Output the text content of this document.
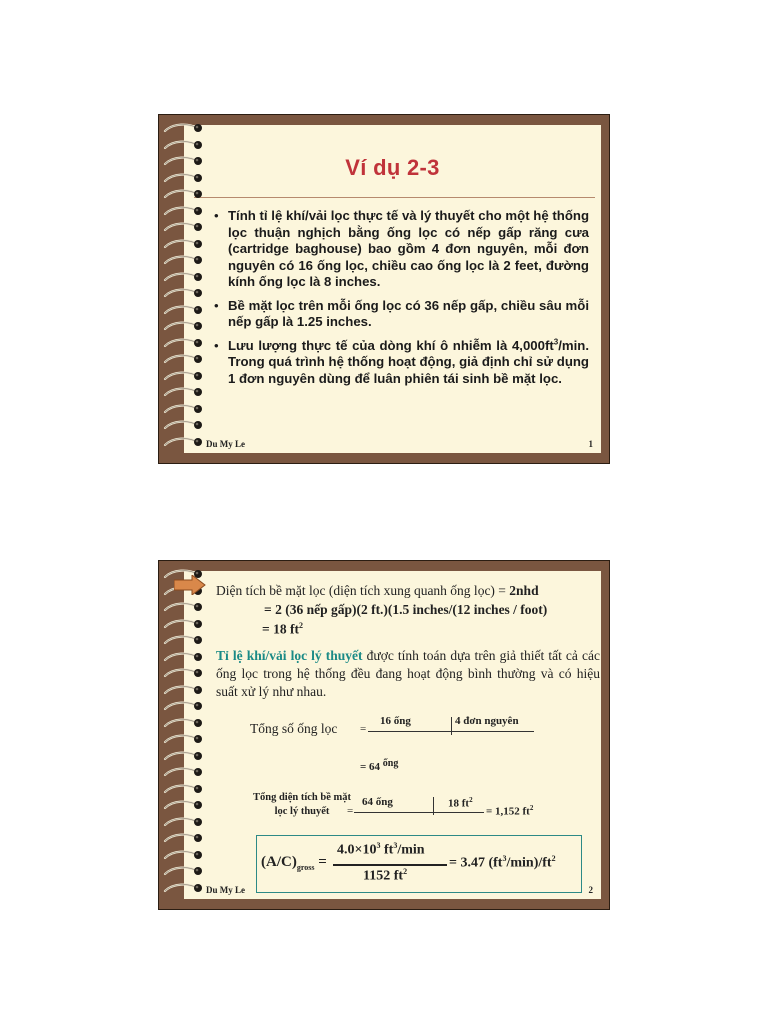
Ví dụ 2-3
• Tính tỉ lệ khí/vải lọc thực tế và lý thuyết cho một hệ thống lọc thuận nghịch bằng ống lọc có nếp gấp răng cưa (cartridge baghouse) bao gồm 4 đơn nguyên, mỗi đơn nguyên có 16 ống lọc, chiều cao ống lọc là 2 feet, đường kính ống lọc là 8 inches.
• Bề mặt lọc trên mỗi ống lọc có 36 nếp gấp, chiều sâu mỗi nếp gấp là 1.25 inches.
• Lưu lượng thực tế của dòng khí ô nhiễm là $4,000ft^3/\min$. Trong quá trình hệ thống hoạt động, giả định chỉ sử dụng 1 đơn nguyên dùng để luân phiên tái sinh bề mặt lọc.
Du My Le	1
Diện tích bề mặt lọc (diện tích xung quanh ống lọc) = 2nhd
= 2 (36 nếp gấp)(2 ft.)(1.5 inches/(12 inches / foot)
= 18 $ft^2$
Tỉ lệ khí/vải lọc lý thuyết được tính toán dựa trên giả thiết tất cả các ống lọc trong hệ thống đều đang hoạt động bình thường và có hiệu suất xử lý như nhau.
Tổng số ống lọc =
16 ống	4 đơn nguyên
= 64 ống
Tổng diện tích bề mặt lọc lý thuyết	=
64 ống	18 $ft^2$
= 1,152 $ft^2$
$(A/C)_{gross}$ =
$4.0\times 10^3$ $ft^3/\min$
1152 $ft^2$
= 3.47 $(ft^3/\min)/ft^2$
Du My Le	2
